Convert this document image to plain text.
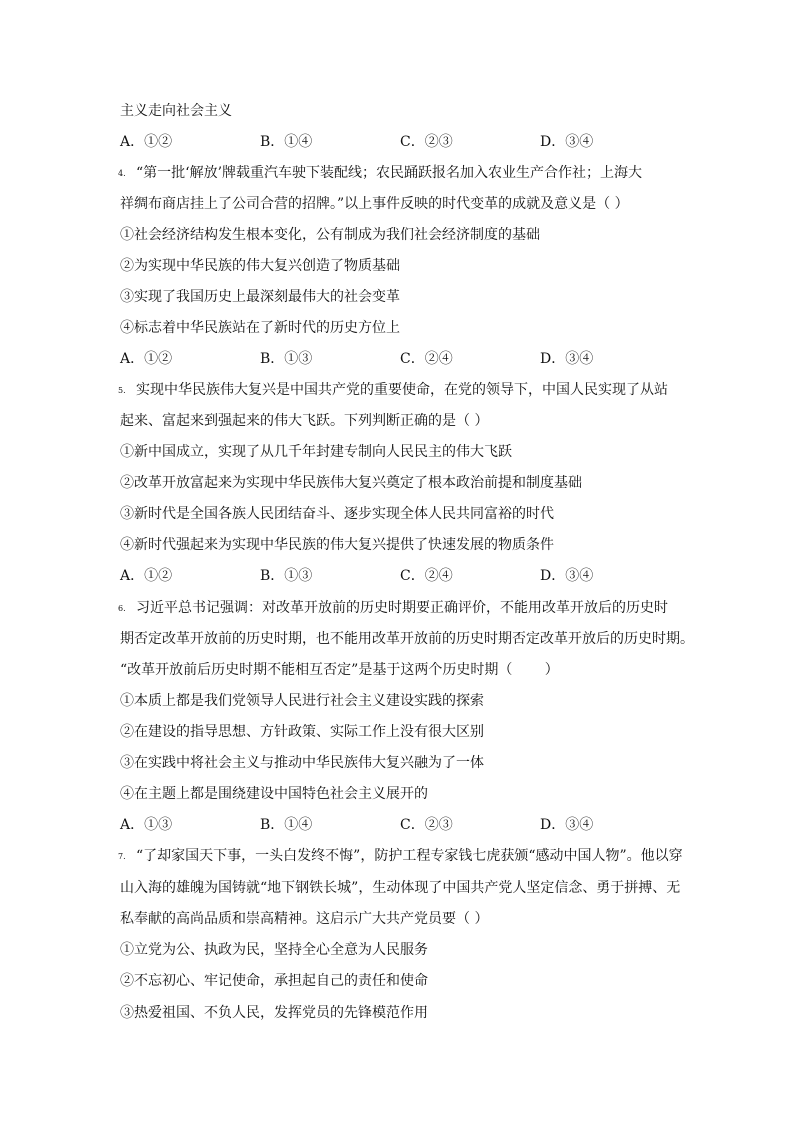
主义走向社会主义
A．①②	B．①④	C．②③	D．③④
4. “第一批‘解放’牌载重汽车驶下装配线；农民踊跃报名加入农业生产合作社；上海大
祥绸布商店挂上了公司合营的招牌。”以上事件反映的时代变革的成就及意义是（ ）
①社会经济结构发生根本变化，公有制成为我们社会经济制度的基础
②为实现中华民族的伟大复兴创造了物质基础
③实现了我国历史上最深刻最伟大的社会变革
④标志着中华民族站在了新时代的历史方位上
A．①②	B．①③	C．②④	D．③④
5. 实现中华民族伟大复兴是中国共产党的重要使命，在党的领导下，中国人民实现了从站
起来、富起来到强起来的伟大飞跃。下列判断正确的是（ ）
①新中国成立，实现了从几千年封建专制向人民民主的伟大飞跃
②改革开放富起来为实现中华民族伟大复兴奠定了根本政治前提和制度基础
③新时代是全国各族人民团结奋斗、逐步实现全体人民共同富裕的时代
④新时代强起来为实现中华民族的伟大复兴提供了快速发展的物质条件
A．①②	B．①③	C．②④	D．③④
6. 习近平总书记强调：对改革开放前的历史时期要正确评价，不能用改革开放后的历史时
期否定改革开放前的历史时期，也不能用改革开放前的历史时期否定改革开放后的历史时期。
“改革开放前后历史时期不能相互否定”是基于这两个历史时期（　　 ）
①本质上都是我们党领导人民进行社会主义建设实践的探索
②在建设的指导思想、方针政策、实际工作上没有很大区别
③在实践中将社会主义与推动中华民族伟大复兴融为了一体
④在主题上都是围绕建设中国特色社会主义展开的
A．①③	B．①④	C．②③	D．③④
7. “了却家国天下事，一头白发终不悔”，防护工程专家钱七虎获颁“感动中国人物”。他以穿
山入海的雄魄为国铸就“地下钢铁长城”，生动体现了中国共产党人坚定信念、勇于拼搏、无
私奉献的高尚品质和崇高精神。这启示广大共产党员要（ ）
①立党为公、执政为民，坚持全心全意为人民服务
②不忘初心、牢记使命，承担起自己的责任和使命
③热爱祖国、不负人民，发挥党员的先锋模范作用
